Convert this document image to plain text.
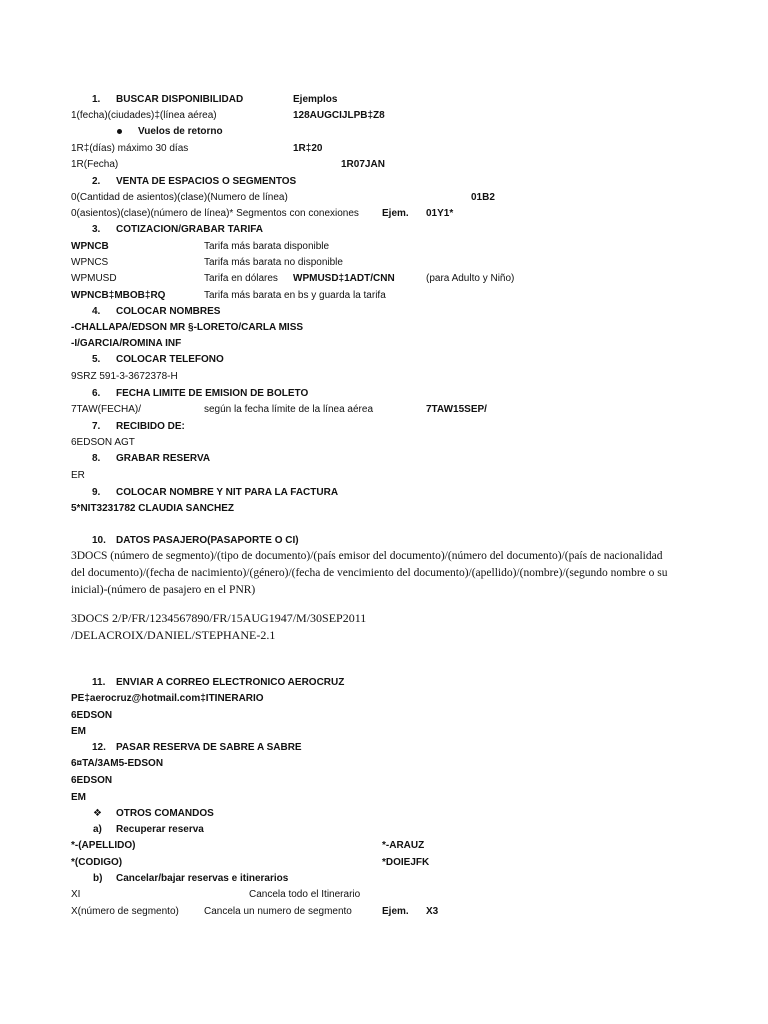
1. BUSCAR DISPONIBILIDAD	Ejemplos
1(fecha)(ciudades)‡(línea aérea)	128AUGCIJLPB‡Z8
Vuelos de retorno
1R‡(días) máximo 30 días	1R‡20
1R(Fecha)	1R07JAN
2. VENTA DE ESPACIOS O SEGMENTOS
0(Cantidad de asientos)(clase)(Numero de línea)	01B2
0(asientos)(clase)(número de línea)* Segmentos con conexiones Ejem. 01Y1*
3. COTIZACION/GRABAR TARIFA
WPNCB	Tarifa más barata disponible
WPNCS	Tarifa más barata no disponible
WPMUSD	Tarifa en dólares WPMUSD‡1ADT/CNN	(para Adulto y Niño)
WPNCB‡MBOB‡RQ	Tarifa más barata en bs y guarda la tarifa
4. COLOCAR NOMBRES
-CHALLAPA/EDSON MR §-LORETO/CARLA MISS
-I/GARCIA/ROMINA INF
5. COLOCAR TELEFONO
9SRZ 591-3-3672378-H
6. FECHA LIMITE DE EMISION DE BOLETO
7TAW(FECHA)/	según la fecha límite de la línea aérea	7TAW15SEP/
7. RECIBIDO DE:
6EDSON AGT
8. GRABAR RESERVA
ER
9. COLOCAR NOMBRE Y NIT PARA LA FACTURA
5*NIT3231782 CLAUDIA SANCHEZ
10. DATOS PASAJERO(PASAPORTE O CI)
3DOCS (número de segmento)/(tipo de documento)/(país emisor del documento)/(número del documento)/(país de nacionalidad
del documento)/(fecha de nacimiento)/(género)/(fecha de vencimiento del documento)/(apellido)/(nombre)/(segundo nombre o su
inicial)-(número de pasajero en el PNR)
3DOCS 2/P/FR/1234567890/FR/15AUG1947/M/30SEP2011
/DELACROIX/DANIEL/STEPHANE-2.1
11. ENVIAR A CORREO ELECTRONICO AEROCRUZ
PE‡aerocruz@hotmail.com‡ITINERARIO
6EDSON
EM
12. PASAR RESERVA DE SABRE A SABRE
6¤TA/3AM5-EDSON
6EDSON
EM
❖ OTROS COMANDOS
a) Recuperar reserva
*-(APELLIDO)	*-ARAUZ
*(CODIGO)	*DOIEJFK
b) Cancelar/bajar reservas e itinerarios
XI	Cancela todo el Itinerario
X(número de segmento)	Cancela un numero de segmento	Ejem. X3
